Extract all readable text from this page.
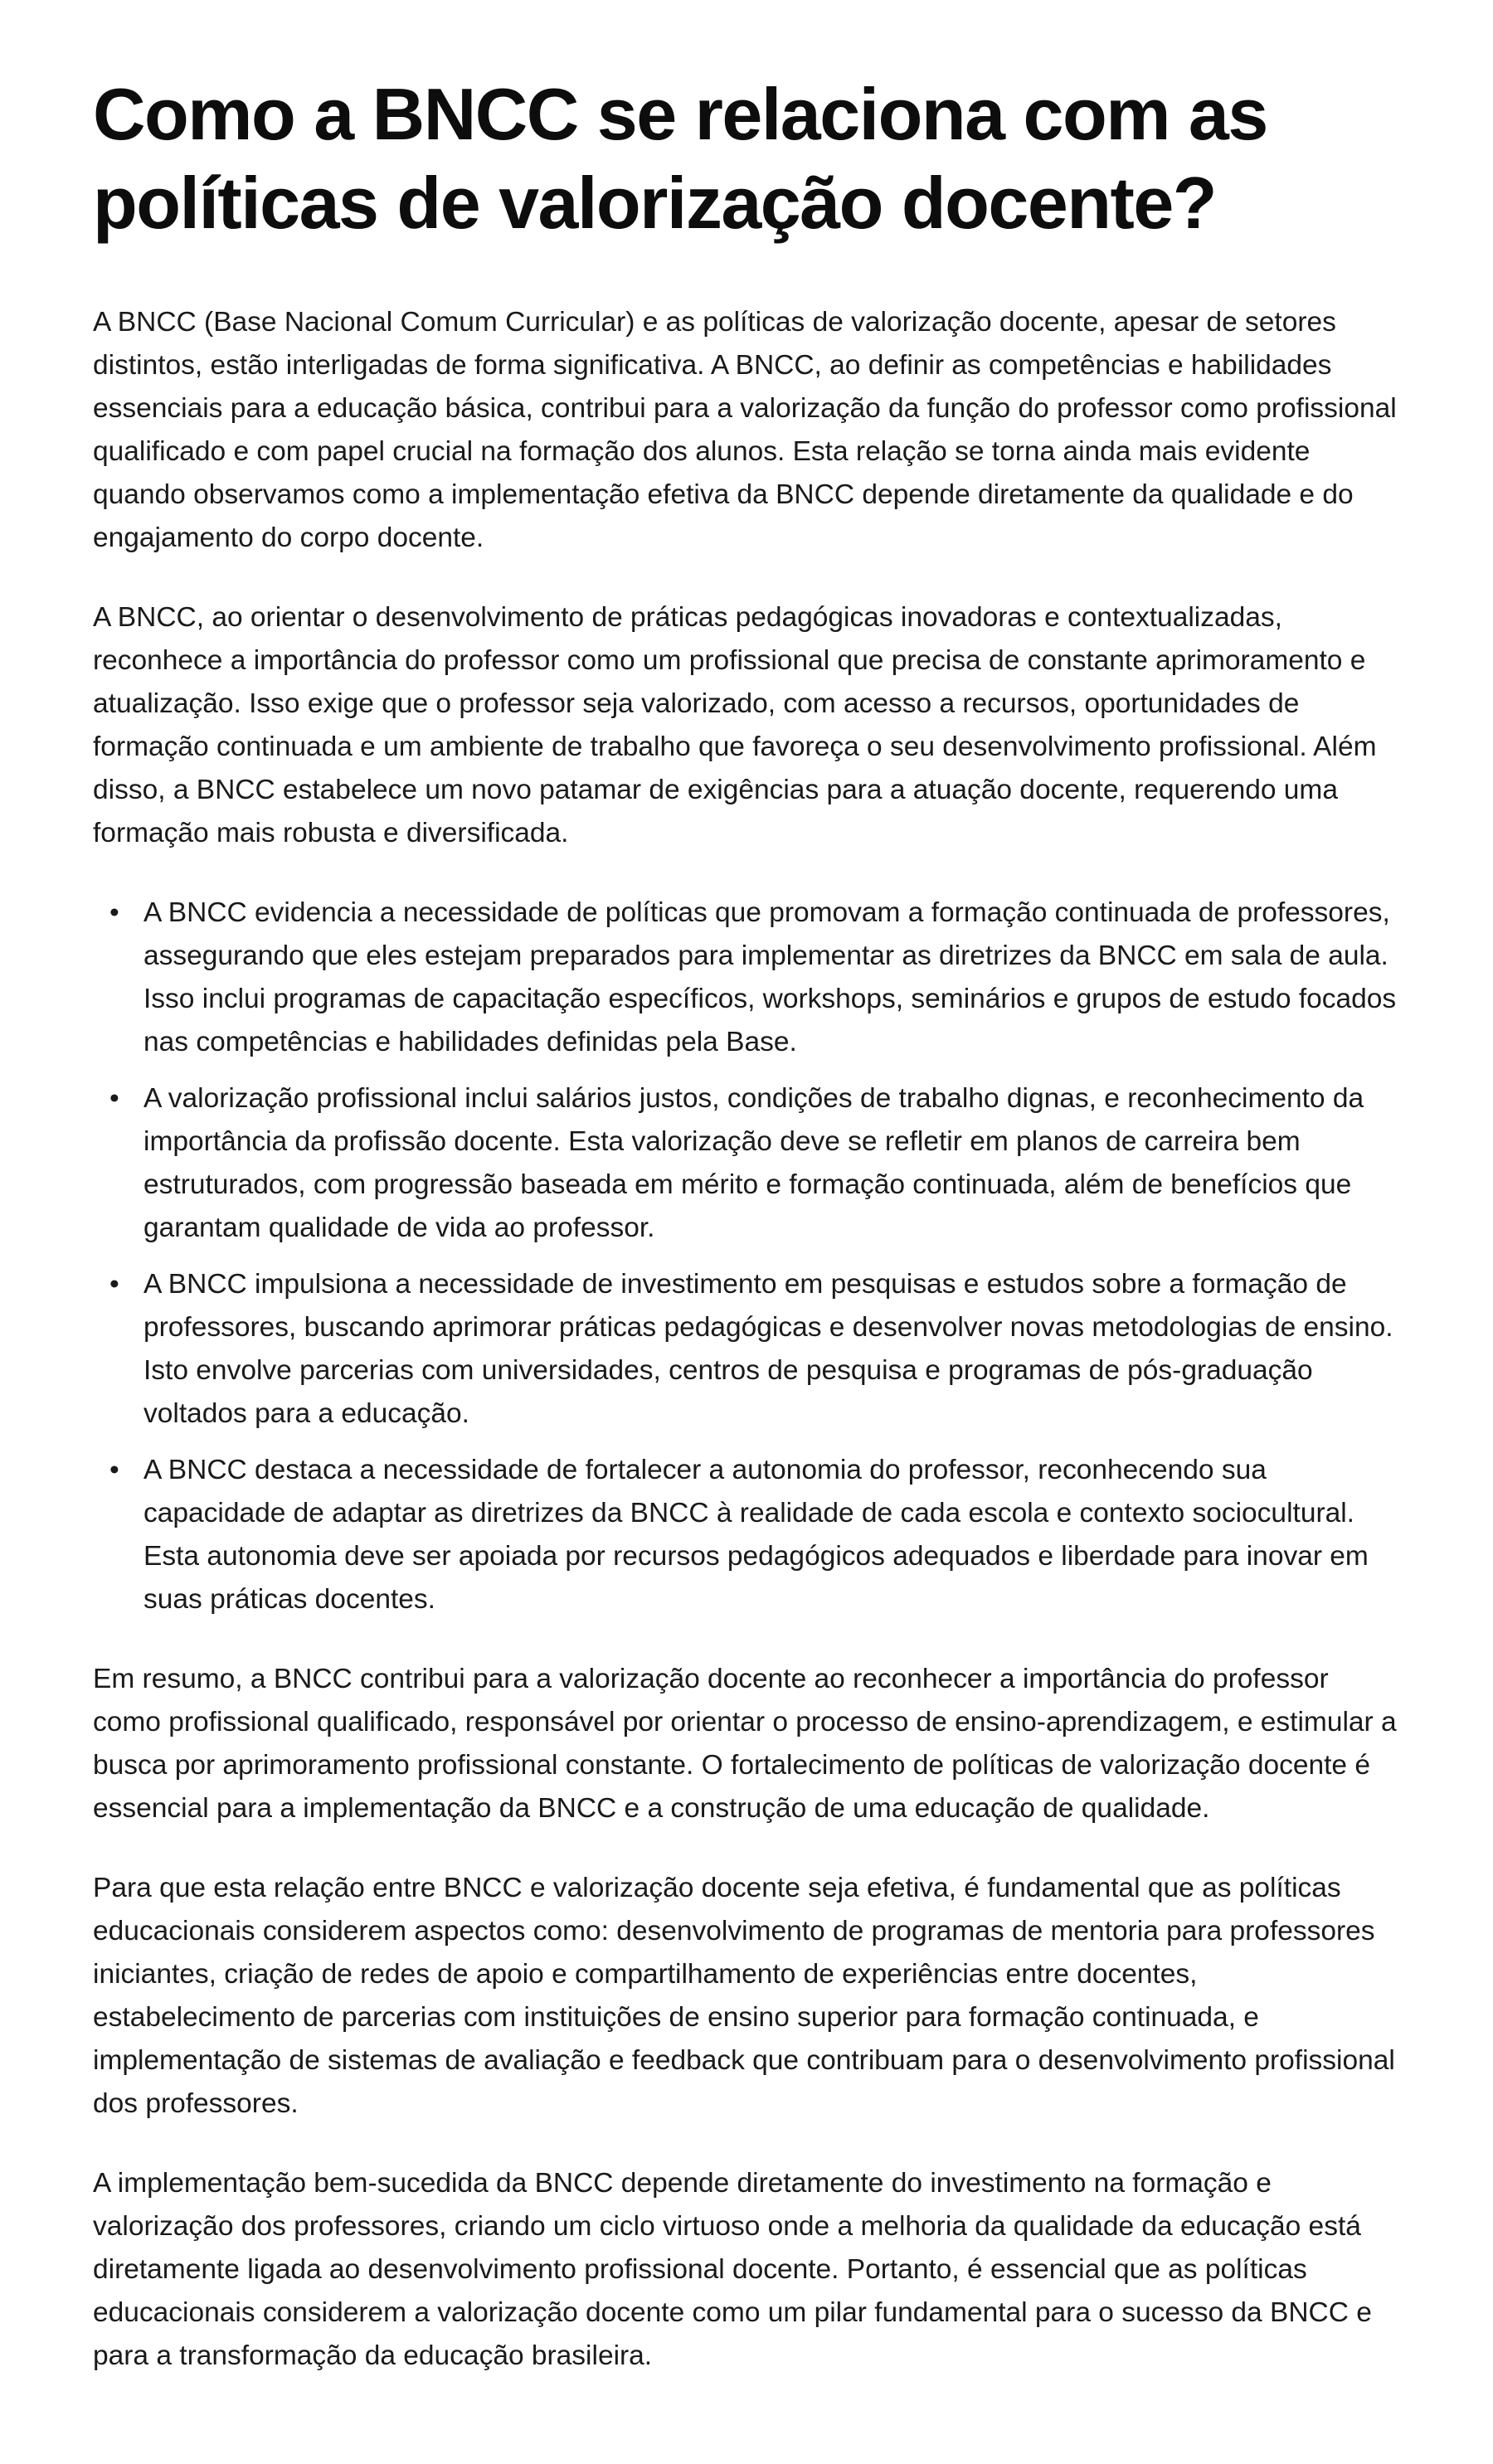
Como a BNCC se relaciona com as políticas de valorização docente?

A BNCC (Base Nacional Comum Curricular) e as políticas de valorização docente, apesar de setores distintos, estão interligadas de forma significativa. A BNCC, ao definir as competências e habilidades essenciais para a educação básica, contribui para a valorização da função do professor como profissional qualificado e com papel crucial na formação dos alunos. Esta relação se torna ainda mais evidente quando observamos como a implementação efetiva da BNCC depende diretamente da qualidade e do engajamento do corpo docente.

A BNCC, ao orientar o desenvolvimento de práticas pedagógicas inovadoras e contextualizadas, reconhece a importância do professor como um profissional que precisa de constante aprimoramento e atualização. Isso exige que o professor seja valorizado, com acesso a recursos, oportunidades de formação continuada e um ambiente de trabalho que favoreça o seu desenvolvimento profissional. Além disso, a BNCC estabelece um novo patamar de exigências para a atuação docente, requerendo uma formação mais robusta e diversificada.

• A BNCC evidencia a necessidade de políticas que promovam a formação continuada de professores, assegurando que eles estejam preparados para implementar as diretrizes da BNCC em sala de aula. Isso inclui programas de capacitação específicos, workshops, seminários e grupos de estudo focados nas competências e habilidades definidas pela Base.
• A valorização profissional inclui salários justos, condições de trabalho dignas, e reconhecimento da importância da profissão docente. Esta valorização deve se refletir em planos de carreira bem estruturados, com progressão baseada em mérito e formação continuada, além de benefícios que garantam qualidade de vida ao professor.
• A BNCC impulsiona a necessidade de investimento em pesquisas e estudos sobre a formação de professores, buscando aprimorar práticas pedagógicas e desenvolver novas metodologias de ensino. Isto envolve parcerias com universidades, centros de pesquisa e programas de pós-graduação voltados para a educação.
• A BNCC destaca a necessidade de fortalecer a autonomia do professor, reconhecendo sua capacidade de adaptar as diretrizes da BNCC à realidade de cada escola e contexto sociocultural. Esta autonomia deve ser apoiada por recursos pedagógicos adequados e liberdade para inovar em suas práticas docentes.

Em resumo, a BNCC contribui para a valorização docente ao reconhecer a importância do professor como profissional qualificado, responsável por orientar o processo de ensino-aprendizagem, e estimular a busca por aprimoramento profissional constante. O fortalecimento de políticas de valorização docente é essencial para a implementação da BNCC e a construção de uma educação de qualidade.

Para que esta relação entre BNCC e valorização docente seja efetiva, é fundamental que as políticas educacionais considerem aspectos como: desenvolvimento de programas de mentoria para professores iniciantes, criação de redes de apoio e compartilhamento de experiências entre docentes, estabelecimento de parcerias com instituições de ensino superior para formação continuada, e implementação de sistemas de avaliação e feedback que contribuam para o desenvolvimento profissional dos professores.

A implementação bem-sucedida da BNCC depende diretamente do investimento na formação e valorização dos professores, criando um ciclo virtuoso onde a melhoria da qualidade da educação está diretamente ligada ao desenvolvimento profissional docente. Portanto, é essencial que as políticas educacionais considerem a valorização docente como um pilar fundamental para o sucesso da BNCC e para a transformação da educação brasileira.
